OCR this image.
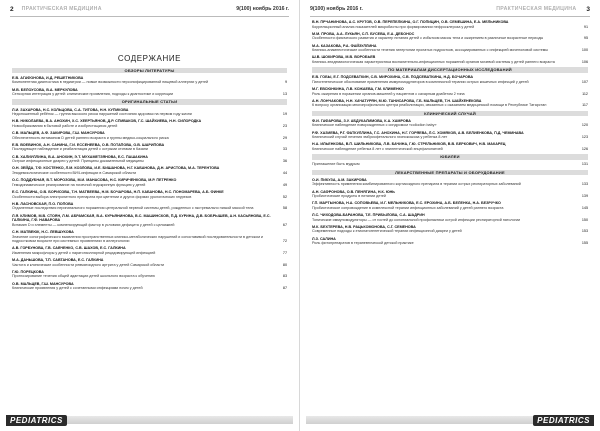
2 ПРАКТИЧЕСКАЯ МЕДИЦИНА	9(100) ноябрь 2016 г.
СОДЕРЖАНИЕ
ОБЗОРЫ ЛИТЕРАТУРЫ
Е.В. АГАФОНОВА, И.Д. РЕШЕТНИКОВА
Компонентная диагностика в педиатрии — новые возможности персонифицированной пищевой аллергии у детей	9
М.В. БЕЛОУСОВА, В.А. МЕРКУЛОВА
Сенсорная интеграция у детей: клинические проявления, подходы к диагностике и коррекции	13
ОРИГИНАЛЬНЫЕ СТАТЬИ
Л.И. ЗАХАРОВА, Н.С. КОЛЬЦОВА, С.А. ТИТОВА, Н.Н. КУПИКОВА
Недоношенный ребёнок — группа высокого риска нарушений состояния здоровья на первом году жизни	19
Н.В. НИКОЛАЕВА, В.А. АНОХИН, Х.С. ХЕЕРТЬЯНОВ, Д.Р. СПИВАКОВ, Г.С. ШАЙХИЕВА, Н.Н. СИЛОРОДКА
Новообразования в бытовой работе и изобрестящихся детей	23
С.В. МАЛЬЦЕВ, А.Ф. ЗАКИРОВА, Г.Ш. МАНСУРОВА
Обеспеченность витамином D детей раннего возраста и группы медико-социального риска	29
Е.В. ВОЕВИНОК, А.Н. САНИНА, Г.И. ЕССЕНЕЕВА, О.В. ПОТАПОВА, О.В. ШАРИПОВА
Последующее наблюдение и реабилитация детей с острыми отитами в Казани	33
С.В. ХАЛИУЛЛИНА, В.А. АНОХИН, Э.Т. МУХАМЕТЗЯНОВА, Е.С. ПАШАКИНА
Острые инфекционные диареи у детей: Принципы доказательной медицины	36
О.Н. ЗЕЙДА, Т.Ф. КОСТЕНКО, Л.М. КОЗЛОВА, И.Е. БИШАНОВА, Н.Г. КАБАНОВА, Д.Н. АРИСТОВА, М.А. ТЕРЕНТОВА
Эпидемиологические особенности ВИЧ-инфекции в Самарской области	44
О.С. ПОДДУБНАЯ, В.Т. МОРОЗОВА, М.И. МАНАСОВА, Н.С. КИРИЧЕНКОВА, М.Р. ПЕТРЕНКО
Гемодинамическое реагирование на почечной эндокринную функцию у детей	49
Е.С. ГАЛКИНА, О.В. БОРИСОВА, Т.Н. МАТВЕЕВА, Н.М. БОЧАРОВА, Н.П. КАБАНОВА, Н.С. ПОНОМАРЕВА, А.Б. ФИНКЕ
Особенности выбора электролитного препарата при цветении и других формах урологических энурезов	52
Н.В. ЛАСНОВСКАЯ, П.О. ПОПОВА
Отдаленные последствия перинатального поражения центральной нервной системы детей, рожденных с экстремально низкой массой тела	58
Л.Я. КЛИМОВ, М.В. СТОЯН, Л.М. АБРАМСКАЯ, В.А. КУРЬЯНИНОВА, В.С. МАШИНСКОВ, П.Д. КУРИНА, Д.В. БОБРЫШЕВ, А.Н. КАСЬЯНОВА, Е.С. ГАЛКИНА, Г.Ф. НАВАРОВА
Витамин D и элементы — компенсирующий фактор в условиях дефицита у детей с целиакией	67
С.Н. МАТВЕЮК, Н.С. ЛЕВШУКОВА
Значение сонографического выявления пространственных клинико-метаболических нарушений и сопоставимой последовательности в детском и подростковом возрасте при системных проявлениях в аллергологии	72
А.В. ГОРБУНОВА, Г.В. САВЧЕНКО, С.В. ШАХОВ, Е.С. ГАЛКИНА
Изменения микрофлоры у детей с паратонзиллярной рецидивирующей инфекцией	77
М.А. ДАНЬШОВА, Т.П. САВТАНОВА, Е.С. ГАЛКИНА
Частота и клинические особенности ревматоидного артрита у детей Самарской области	80
Г.Ю. ПОРЕЦКОВА
Прогнозирование течения общей адаптации детей школьного возраста к обучению	83
О.В. МАЛЬЦЕВ, Г.Ш. МАНСУРОВА
Клинические проявления у детей с сочетанными инфекциями почек у детей	87
PEDIATRICS
9(100) ноябрь 2016 г.	ПРАКТИЧЕСКАЯ МЕДИЦИНА 3
В.Н. ПРЧАНИНОВА, А.С. КРУТОВ, О.В. ПЕРЕПЕЛКИНА, О.Г. ПОПИЦИН, О.В. СЕМЕШИНА, Е.А. МЕЛЬНИКОВА
Корреляционный анализ показателей микробиоты при формировании нефросклероза у детей	91
М.М. ПРОВА, А.А. ЛУКЬЯН, С.П. БУСЕВА, Е.А. ДЕБОНОС
Особенности физического развития и характер питания детей с избытком массы тела и ожирением в различные возрастные периоды	95
М.А. КАЗАКОВА, Р.А. ФАЙЗУЛЛИНА
Клинико-анамнестические особенности течения гипертонии пролатых подростков, ассоциированных с инфекцией мочеполовой системы	100
Ш.В. ШОКИРОВА, М.В. ВОРОБЬЕВ
Клинико-эпидемиологическая характеристика воспалительно-инфекционных поражений органов мочевой системы у детей раннего возраста	106
ПО МАТЕРИАЛАМ ДИССЕРТАЦИОННЫХ ИССЛЕДОВАНИЙ
Е.В. ГОБЫ, Е.Г. ПОДСЕВАТКИН, С.В. МИРОХИНА, С.В. ПОДСЕВАТКИНА, Н.Д. БОЧАРОВА
Патогенетическое обоснование применения иммуномодуляторов в комплексной терапии острых кишечных инфекций у детей	107
М.Г. ЕВСЮНКИНА, Л.В. КОЖАЕВА, Г.М. КЛИМЕНКО
Роль ожирения в поражении органов-мишеней у пациентов с сахарным диабетом 2 типа	112
А.Н. ЛОНЧАКОВА, Н.Н. ХАЧАТУРЯН, М.Ю. ТАНИСАРОВА, Г.Б. МАЛЬЦЕВ, Т.Н. ШАЙХЕНЕКОВА
К вопросу организации многопрофильного центра реабилитации, связанных с оказанием медицинской помощи в Республике Татарстан	117
КЛИНИЧЕСКИЙ СЛУЧАЙ
Ф.И. ГАФАРОВА, З.У. АБДУКАЛИМОВА, К.А. ХАМРОВА
Клиническое наблюдение новорожденных с синдромом «collodion baby»	120
Р.Ф. ХАЗИЕВА, Р.Г. ФАТКУЛЛИНА, Г.С. АНОХИНА, Н.Г. ГОРЯЕВА, Л.С. ХОМЯКОВ, А.В. БЕЛИЕНКОВА, П.Д. ЧЕМИНАВА
Клинический случай лечения эмбриофетального эхинококкоза у ребенка 8 лет	123
Н.А. ИЛЬЕНКОВА, В.П. ШИЛЬНИКОВА, Л.В. БАЧИНА, Г.Ю. СТРЕЛЬНИКОВ, В.В. БЕРКОВИЧ, Н.В. МАКАРЕЦ
Клиническое наблюдение ребенка 8 лет с эпилептической энцефалопатией	126
ЮБИЛЕИ
Приглашение быть мудрым	131
ЛЕКАРСТВЕННЫЕ ПРЕПАРАТЫ И ОБОРУДОВАНИЕ
О.И. ПИКУЗА, А.М. ЗАКИРОВА
Эффективность применения комбинированного кортикоидного препарата в терапии острых респираторных заболеваний	133
А.Н. САФРОНОВА, О.В. ПЕНЯГИНА, Н.К. ЮНЬ
Пробиотические продукты в питании детей	139
Г.П. МАРТЫНОВА, Н.А. СОПОВЬЕВА, И.Г. МЕЛЬНИКОВА, Е.С. ЕРОХИНА, А.Б. БЕЛЕНКА, Н.А. БЕЗРУЧКО
Пробиотическое сопровождение в комплексной терапии инфекционных заболеваний у детей раннего возраста	145
Л.С. ЧИХОДОВА-БАРАНОВА, Т.Е. ПРИБЫЛОВА, С.А. ШАДРИН
Топические иммуномодуляторы — от гостей до колониальной профилактики острой инфекции респираторной патологии	150
М.К. БЕХТЕРЕВА, Н.В. РАЦЬКОМОНОВА, С.Г. СЕМЕНОВА
Современные подходы к этиопатогенетической терапии инфекционной диареи у детей	153
Л.З. САЛИНА
Роль фитопрепаратов в терапевтической детской практике	155
PEDIATRICS
